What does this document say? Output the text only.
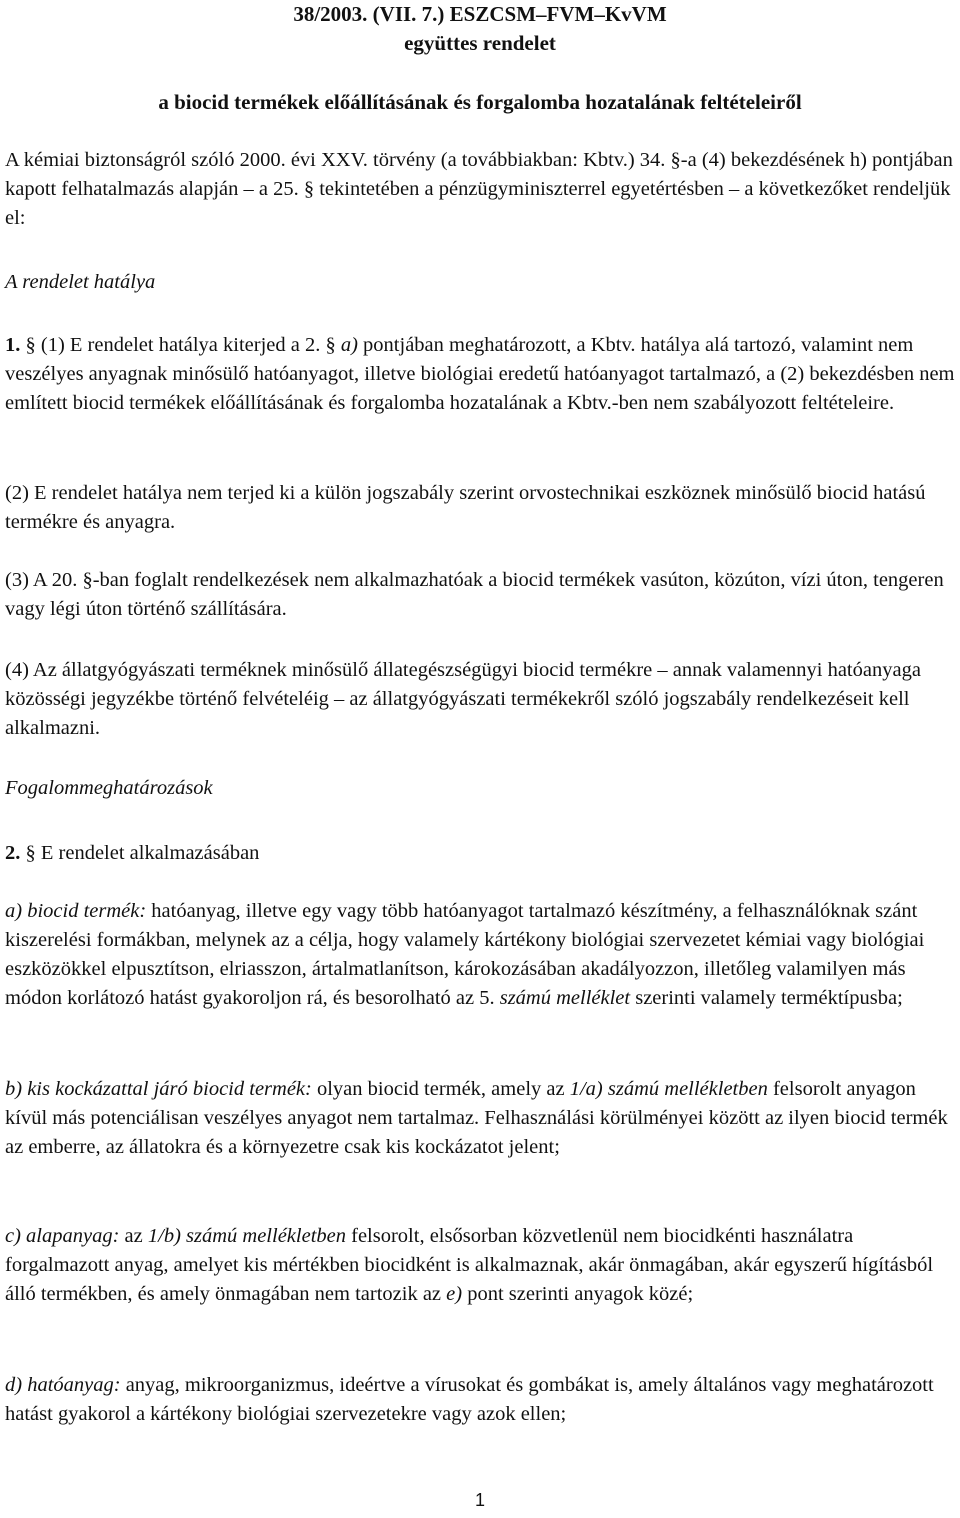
38/2003. (VII. 7.) ESZCSM–FVM–KvVM
együttes rendelet
a biocid termékek előállításának és forgalomba hozatalának feltételeiről

A kémiai biztonságról szóló 2000. évi XXV. törvény (a továbbiakban: Kbtv.) 34. §-a (4) bekezdésének h) pontjában kapott felhatalmazás alapján – a 25. § tekintetében a pénzügyminiszterrel egyetértésben – a következőket rendeljük el:

A rendelet hatálya

1. § (1) E rendelet hatálya kiterjed a 2. § a) pontjában meghatározott, a Kbtv. hatálya alá tartozó, valamint nem veszélyes anyagnak minősülő hatóanyagot, illetve biológiai eredetű hatóanyagot tartalmazó, a (2) bekezdésben nem említett biocid termékek előállításának és forgalomba hozatalának a Kbtv.-ben nem szabályozott feltételeire.

(2) E rendelet hatálya nem terjed ki a külön jogszabály szerint orvostechnikai eszköznek minősülő biocid hatású termékre és anyagra.

(3) A 20. §-ban foglalt rendelkezések nem alkalmazhatóak a biocid termékek vasúton, közúton, vízi úton, tengeren vagy légi úton történő szállítására.

(4) Az állatgyógyászati terméknek minősülő állategészségügyi biocid termékre – annak valamennyi hatóanyaga közösségi jegyzékbe történő felvételéig – az állatgyógyászati termékekről szóló jogszabály rendelkezéseit kell alkalmazni.

Fogalommeghatározások

2. § E rendelet alkalmazásában

a) biocid termék: hatóanyag, illetve egy vagy több hatóanyagot tartalmazó készítmény, a felhasználóknak szánt kiszerelési formákban, melynek az a célja, hogy valamely kártékony biológiai szervezetet kémiai vagy biológiai eszközökkel elpusztítson, elriasszon, ártalmatlanítson, károkozásában akadályozzon, illetőleg valamilyen más módon korlátozó hatást gyakoroljon rá, és besorolható az 5. számú melléklet szerinti valamely terméktípusba;

b) kis kockázattal járó biocid termék: olyan biocid termék, amely az 1/a) számú mellékletben felsorolt anyagon kívül más potenciálisan veszélyes anyagot nem tartalmaz. Felhasználási körülményei között az ilyen biocid termék az emberre, az állatokra és a környezetre csak kis kockázatot jelent;

c) alapanyag: az 1/b) számú mellékletben felsorolt, elsősorban közvetlenül nem biocidkénti használatra forgalmazott anyag, amelyet kis mértékben biocidként is alkalmaznak, akár önmagában, akár egyszerű hígításból álló termékben, és amely önmagában nem tartozik az e) pont szerinti anyagok közé;

d) hatóanyag: anyag, mikroorganizmus, ideértve a vírusokat és gombákat is, amely általános vagy meghatározott hatást gyakorol a kártékony biológiai szervezetekre vagy azok ellen;

1
